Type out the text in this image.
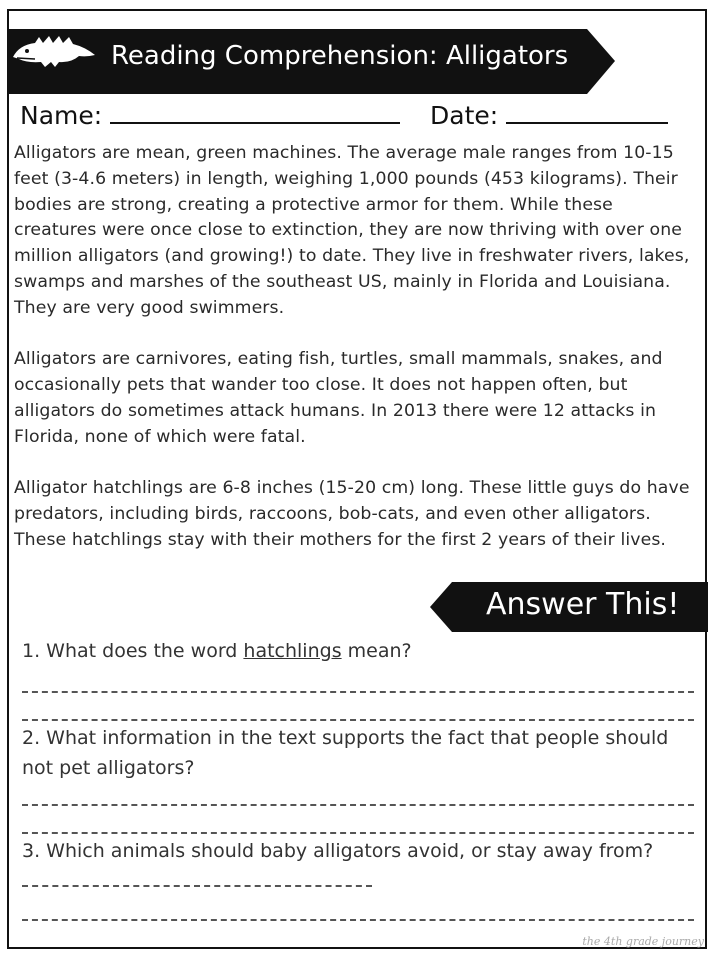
Reading Comprehension: Alligators
Name:	Date:

Alligators are mean, green machines. The average male ranges from 10-15 feet (3-4.6 meters) in length, weighing 1,000 pounds (453 kilograms). Their bodies are strong, creating a protective armor for them. While these creatures were once close to extinction, they are now thriving with over one million alligators (and growing!) to date. They live in freshwater rivers, lakes, swamps and marshes of the southeast US, mainly in Florida and Louisiana. They are very good swimmers.

Alligators are carnivores, eating fish, turtles, small mammals, snakes, and occasionally pets that wander too close. It does not happen often, but alligators do sometimes attack humans. In 2013 there were 12 attacks in Florida, none of which were fatal.

Alligator hatchlings are 6-8 inches (15-20 cm) long. These little guys do have predators, including birds, raccoons, bob-cats, and even other alligators. These hatchlings stay with their mothers for the first 2 years of their lives.

Answer This!
1. What does the word hatchlings mean?
2. What information in the text supports the fact that people should not pet alligators?
3. Which animals should baby alligators avoid, or stay away from?
the 4th grade journey
